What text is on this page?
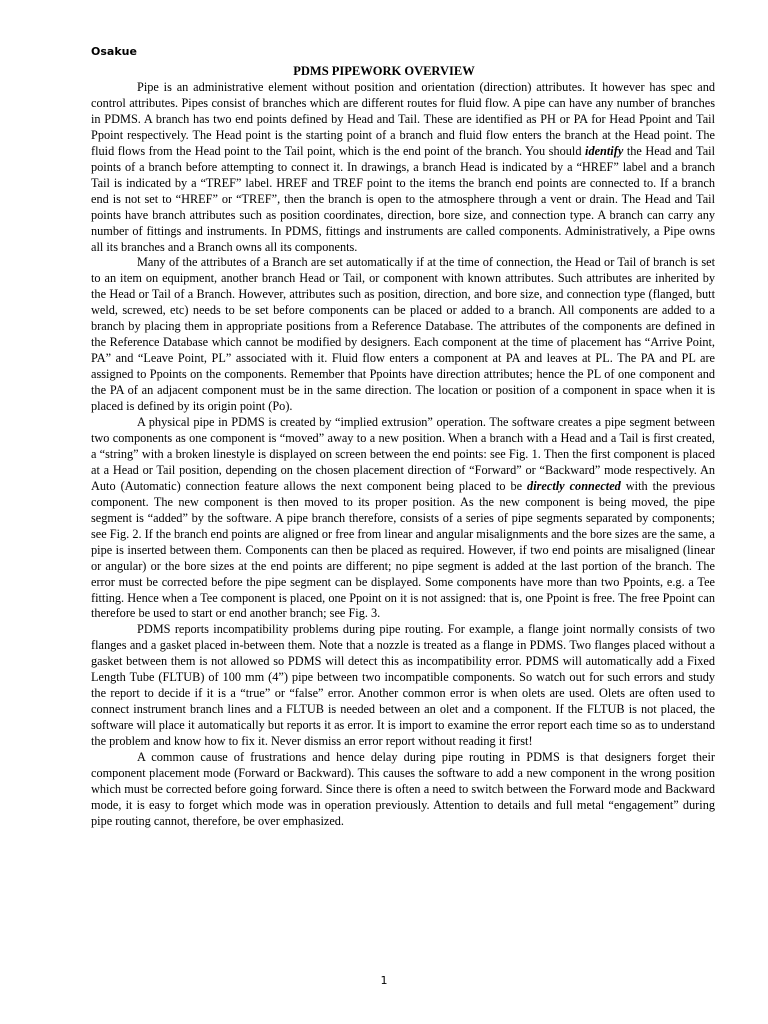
Osakue
PDMS PIPEWORK OVERVIEW

Pipe is an administrative element without position and orientation (direction) attributes. It however has spec and control attributes. Pipes consist of branches which are different routes for fluid flow. A pipe can have any number of branches in PDMS. A branch has two end points defined by Head and Tail. These are identified as PH or PA for Head Ppoint and Tail Ppoint respectively. The Head point is the starting point of a branch and fluid flow enters the branch at the Head point. The fluid flows from the Head point to the Tail point, which is the end point of the branch. You should identify the Head and Tail points of a branch before attempting to connect it. In drawings, a branch Head is indicated by a “HREF” label and a branch Tail is indicated by a “TREF” label. HREF and TREF point to the items the branch end points are connected to. If a branch end is not set to “HREF” or “TREF”, then the branch is open to the atmosphere through a vent or drain. The Head and Tail points have branch attributes such as position coordinates, direction, bore size, and connection type. A branch can carry any number of fittings and instruments. In PDMS, fittings and instruments are called components. Administratively, a Pipe owns all its branches and a Branch owns all its components.

Many of the attributes of a Branch are set automatically if at the time of connection, the Head or Tail of branch is set to an item on equipment, another branch Head or Tail, or component with known attributes. Such attributes are inherited by the Head or Tail of a Branch. However, attributes such as position, direction, and bore size, and connection type (flanged, butt weld, screwed, etc) needs to be set before components can be placed or added to a branch. All components are added to a branch by placing them in appropriate positions from a Reference Database. The attributes of the components are defined in the Reference Database which cannot be modified by designers. Each component at the time of placement has “Arrive Point, PA” and “Leave Point, PL” associated with it. Fluid flow enters a component at PA and leaves at PL. The PA and PL are assigned to Ppoints on the components. Remember that Ppoints have direction attributes; hence the PL of one component and the PA of an adjacent component must be in the same direction. The location or position of a component in space when it is placed is defined by its origin point (Po).

A physical pipe in PDMS is created by “implied extrusion” operation. The software creates a pipe segment between two components as one component is “moved” away to a new position. When a branch with a Head and a Tail is first created, a “string” with a broken linestyle is displayed on screen between the end points: see Fig. 1. Then the first component is placed at a Head or Tail position, depending on the chosen placement direction of “Forward” or “Backward” mode respectively. An Auto (Automatic) connection feature allows the next component being placed to be directly connected with the previous component. The new component is then moved to its proper position. As the new component is being moved, the pipe segment is “added” by the software. A pipe branch therefore, consists of a series of pipe segments separated by components; see Fig. 2. If the branch end points are aligned or free from linear and angular misalignments and the bore sizes are the same, a pipe is inserted between them. Components can then be placed as required. However, if two end points are misaligned (linear or angular) or the bore sizes at the end points are different; no pipe segment is added at the last portion of the branch. The error must be corrected before the pipe segment can be displayed. Some components have more than two Ppoints, e.g. a Tee fitting. Hence when a Tee component is placed, one Ppoint on it is not assigned: that is, one Ppoint is free. The free Ppoint can therefore be used to start or end another branch; see Fig. 3.

PDMS reports incompatibility problems during pipe routing. For example, a flange joint normally consists of two flanges and a gasket placed in-between them. Note that a nozzle is treated as a flange in PDMS. Two flanges placed without a gasket between them is not allowed so PDMS will detect this as incompatibility error. PDMS will automatically add a Fixed Length Tube (FLTUB) of 100 mm (4”) pipe between two incompatible components. So watch out for such errors and study the report to decide if it is a “true” or “false” error. Another common error is when olets are used. Olets are often used to connect instrument branch lines and a FLTUB is needed between an olet and a component. If the FLTUB is not placed, the software will place it automatically but reports it as error. It is import to examine the error report each time so as to understand the problem and know how to fix it. Never dismiss an error report without reading it first!

A common cause of frustrations and hence delay during pipe routing in PDMS is that designers forget their component placement mode (Forward or Backward). This causes the software to add a new component in the wrong position which must be corrected before going forward. Since there is often a need to switch between the Forward mode and Backward mode, it is easy to forget which mode was in operation previously. Attention to details and full metal “engagement” during pipe routing cannot, therefore, be over emphasized.

1
